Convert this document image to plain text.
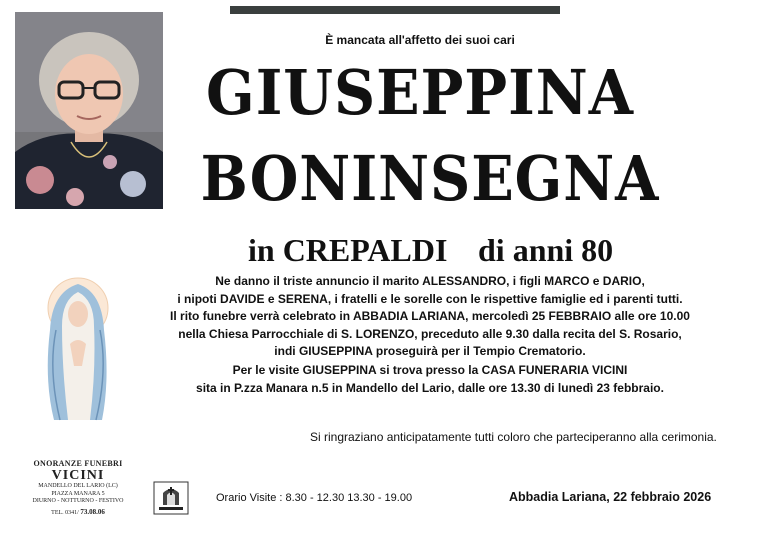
È mancata all'affetto dei suoi cari
GIUSEPPINA
BONINSEGNA
in CREPALDI di anni 80
Ne danno il triste annuncio il marito ALESSANDRO, i figli MARCO e DARIO,
i nipoti DAVIDE e SERENA, i fratelli e le sorelle con le rispettive famiglie ed i parenti tutti.
Il rito funebre verrà celebrato in ABBADIA LARIANA, mercoledì 25 FEBBRAIO alle ore 10.00
nella Chiesa Parrocchiale di S. LORENZO, preceduto alle 9.30 dalla recita del S. Rosario,
indi GIUSEPPINA proseguirà per il Tempio Crematorio.
Per le visite GIUSEPPINA si trova presso la CASA FUNERARIA VICINI
sita in P.zza Manara n.5 in Mandello del Lario, dalle ore 13.30 di lunedì 23 febbraio.
Si ringraziano anticipatamente tutti coloro che parteciperanno alla cerimonia.
ONORANZE FUNEBRI
VICINI
MANDELLO DEL LARIO (LC)
PIAZZA MANARA 5
DIURNO - NOTTURNO - FESTIVO
TEL. 0341/ 73.08.06
Orario Visite : 8.30 - 12.30 13.30 - 19.00	Abbadia Lariana, 22 febbraio 2026
